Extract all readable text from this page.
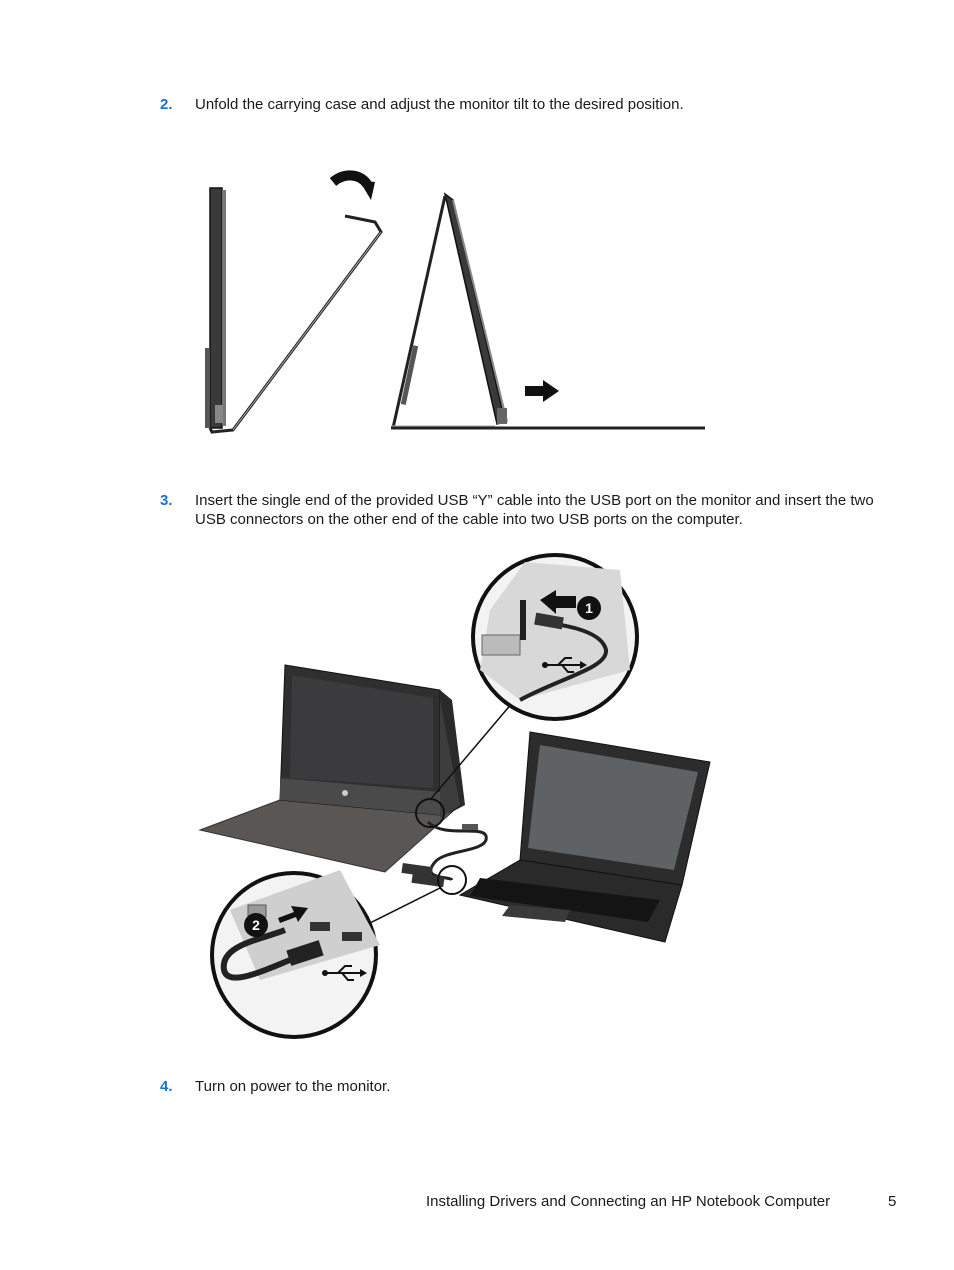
2.	Unfold the carrying case and adjust the monitor tilt to the desired position.
3.	Insert the single end of the provided USB “Y” cable into the USB port on the monitor and insert the two USB connectors on the other end of the cable into two USB ports on the computer.
1
2
4.	Turn on power to the monitor.
Installing Drivers and Connecting an HP Notebook Computer	5
